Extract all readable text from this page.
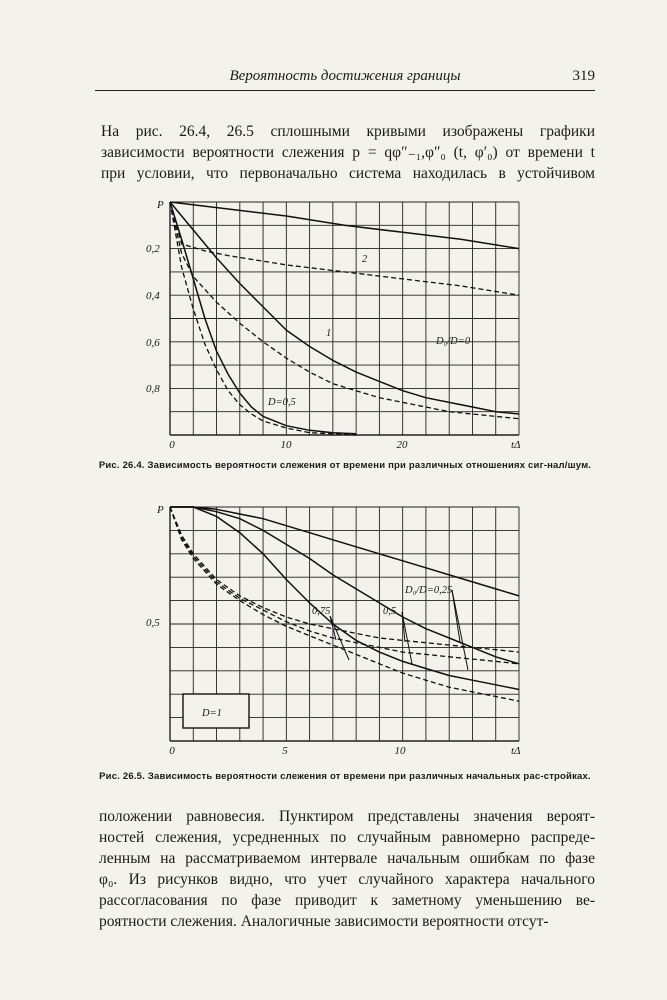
Вероятность достижения границы	319
На рис. 26.4, 26.5 сплошными кривыми изображены графики
зависимости вероятности слежения p = qφ″₋₁,φ″₀ (t, φ′₀) от времени t
при условии, что первоначально система находилась в устойчивом
P
0	10	20	tΔ
0,2
0,4
0,6
0,8
2
1
D₀/D=0
D=0,5
P
0	5	10	tΔ
0,5
D₀/D=0,25
0,5
0,75
D=1
Рис. 26.4. Зависимость вероятности слежения от времени при различных отношениях сиг-нал/шум.
Рис. 26.5. Зависимость вероятности слежения от времени при различных начальных рас-стройках.
положении равновесия. Пунктиром представлены значения вероят-
ностей слежения, усредненных по случайным равномерно распреде-
ленным на рассматриваемом интервале начальным ошибкам по фазе
φ₀. Из рисунков видно, что учет случайного характера начального
рассогласования по фазе приводит к заметному уменьшению ве-
роятности слежения. Аналогичные зависимости вероятности отсут-
